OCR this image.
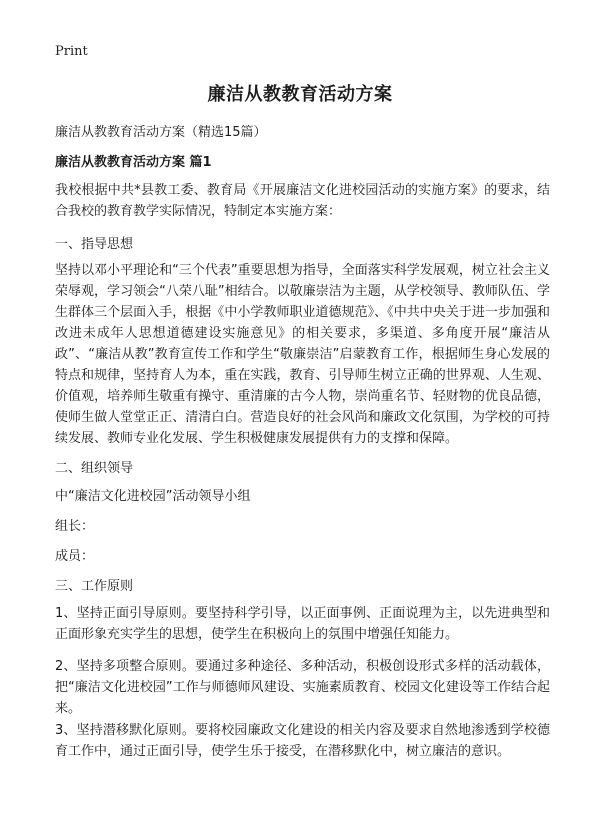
Print
廉洁从教教育活动方案
廉洁从教教育活动方案（精选15篇）
廉洁从教教育活动方案 篇1

我校根据中共*县教工委、教育局《开展廉洁文化进校园活动的实施方案》的要求，结合我校的教育教学实际情况，特制定本实施方案：

一、指导思想

坚持以邓小平理论和“三个代表”重要思想为指导，全面落实科学发展观，树立社会主义荣辱观，学习领会“八荣八耻”相结合。以敬廉崇洁为主题，从学校领导、教师队伍、学生群体三个层面入手，根据《中小学教师职业道德规范》、《中共中央关于进一步加强和改进未成年人思想道德建设实施意见》的相关要求，多渠道、多角度开展“廉洁从政”、“廉洁从教”教育宣传工作和学生“敬廉崇洁”启蒙教育工作，根据师生身心发展的特点和规律，坚持育人为本，重在实践，教育、引导师生树立正确的世界观、人生观、价值观，培养师生敬重有操守、重清廉的古今人物，崇尚重名节、轻财物的优良品德，使师生做人堂堂正正、清清白白。营造良好的社会风尚和廉政文化氛围，为学校的可持续发展、教师专业化发展、学生积极健康发展提供有力的支撑和保障。

二、组织领导
中“廉洁文化进校园”活动领导小组
组长：
成员：
三、工作原则

1、坚持正面引导原则。要坚持科学引导，以正面事例、正面说理为主，以先进典型和正面形象充实学生的思想，使学生在积极向上的氛围中增强任知能力。

2、坚持多项整合原则。要通过多种途径、多种活动，积极创设形式多样的活动载体，把“廉洁文化进校园”工作与师德师风建设、实施素质教育、校园文化建设等工作结合起来。

3、坚持潜移默化原则。要将校园廉政文化建设的相关内容及要求自然地渗透到学校德育工作中，通过正面引导，使学生乐于接受，在潜移默化中，树立廉洁的意识。
